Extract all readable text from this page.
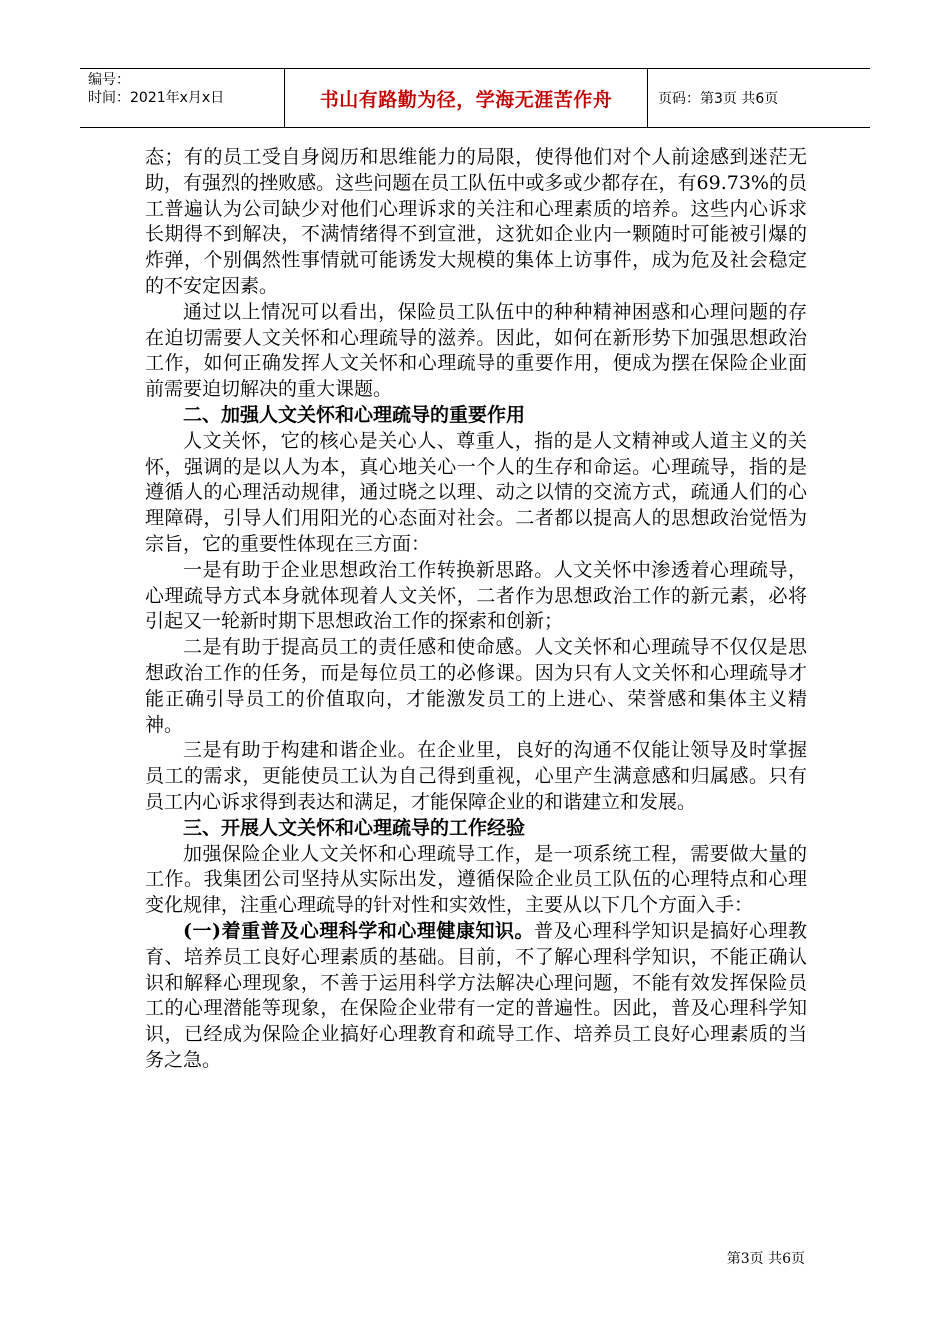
编号：
时间：2021年x月x日	书山有路勤为径，学海无涯苦作舟	页码：第3页 共6页

态；有的员工受自身阅历和思维能力的局限，使得他们对个人前途感到迷茫无助，有强烈的挫败感。这些问题在员工队伍中或多或少都存在，有69.73%的员工普遍认为公司缺少对他们心理诉求的关注和心理素质的培养。这些内心诉求长期得不到解决，不满情绪得不到宣泄，这犹如企业内一颗随时可能被引爆的炸弹，个别偶然性事情就可能诱发大规模的集体上访事件，成为危及社会稳定的不安定因素。

通过以上情况可以看出，保险员工队伍中的种种精神困惑和心理问题的存在迫切需要人文关怀和心理疏导的滋养。因此，如何在新形势下加强思想政治工作，如何正确发挥人文关怀和心理疏导的重要作用，便成为摆在保险企业面前需要迫切解决的重大课题。

二、加强人文关怀和心理疏导的重要作用

人文关怀，它的核心是关心人、尊重人，指的是人文精神或人道主义的关怀，强调的是以人为本，真心地关心一个人的生存和命运。心理疏导，指的是遵循人的心理活动规律，通过晓之以理、动之以情的交流方式，疏通人们的心理障碍，引导人们用阳光的心态面对社会。二者都以提高人的思想政治觉悟为宗旨，它的重要性体现在三方面：

一是有助于企业思想政治工作转换新思路。人文关怀中渗透着心理疏导，心理疏导方式本身就体现着人文关怀，二者作为思想政治工作的新元素，必将引起又一轮新时期下思想政治工作的探索和创新；

二是有助于提高员工的责任感和使命感。人文关怀和心理疏导不仅仅是思想政治工作的任务，而是每位员工的必修课。因为只有人文关怀和心理疏导才能正确引导员工的价值取向，才能激发员工的上进心、荣誉感和集体主义精神。

三是有助于构建和谐企业。在企业里，良好的沟通不仅能让领导及时掌握员工的需求，更能使员工认为自己得到重视，心里产生满意感和归属感。只有员工内心诉求得到表达和满足，才能保障企业的和谐建立和发展。

三、开展人文关怀和心理疏导的工作经验

加强保险企业人文关怀和心理疏导工作，是一项系统工程，需要做大量的工作。我集团公司坚持从实际出发，遵循保险企业员工队伍的心理特点和心理变化规律，注重心理疏导的针对性和实效性，主要从以下几个方面入手：

(一)着重普及心理科学和心理健康知识。普及心理科学知识是搞好心理教育、培养员工良好心理素质的基础。目前，不了解心理科学知识，不能正确认识和解释心理现象，不善于运用科学方法解决心理问题，不能有效发挥保险员工的心理潜能等现象，在保险企业带有一定的普遍性。因此，普及心理科学知识，已经成为保险企业搞好心理教育和疏导工作、培养员工良好心理素质的当务之急。

第3页 共6页
